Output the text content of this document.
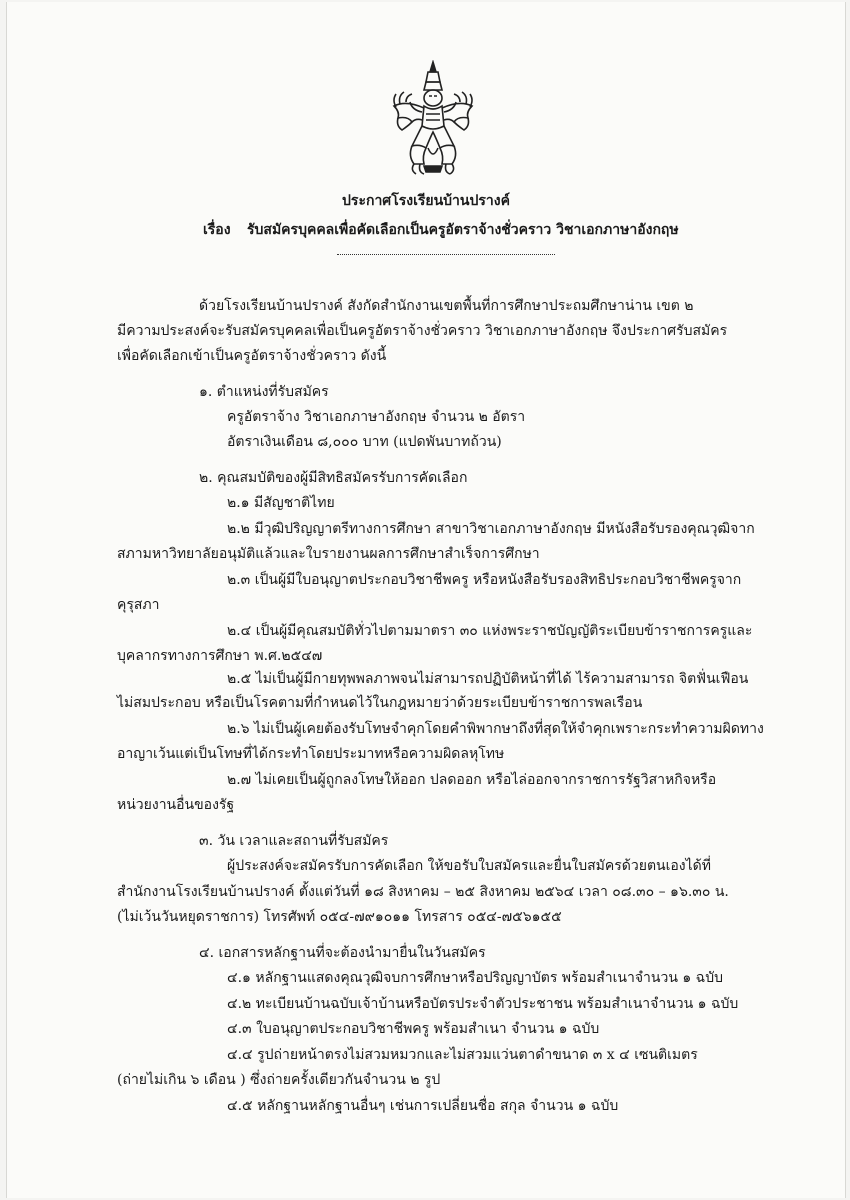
ประกาศโรงเรียนบ้านปรางค์
เรื่อง รับสมัครบุคคลเพื่อคัดเลือกเป็นครูอัตราจ้างชั่วคราว วิชาเอกภาษาอังกฤษ
ด้วยโรงเรียนบ้านปรางค์ สังกัดสำนักงานเขตพื้นที่การศึกษาประถมศึกษาน่าน เขต ๒
มีความประสงค์จะรับสมัครบุคคลเพื่อเป็นครูอัตราจ้างชั่วคราว วิชาเอกภาษาอังกฤษ จึงประกาศรับสมัคร
เพื่อคัดเลือกเข้าเป็นครูอัตราจ้างชั่วคราว ดังนี้
๑. ตำแหน่งที่รับสมัคร
ครูอัตราจ้าง วิชาเอกภาษาอังกฤษ จำนวน ๒ อัตรา
อัตราเงินเดือน ๘,๐๐๐ บาท (แปดพันบาทถ้วน)
๒. คุณสมบัติของผู้มีสิทธิสมัครรับการคัดเลือก
๒.๑ มีสัญชาติไทย
๒.๒ มีวุฒิปริญญาตรีทางการศึกษา สาขาวิชาเอกภาษาอังกฤษ มีหนังสือรับรองคุณวุฒิจาก
สภามหาวิทยาลัยอนุมัติแล้วและใบรายงานผลการศึกษาสำเร็จการศึกษา
๒.๓ เป็นผู้มีใบอนุญาตประกอบวิชาชีพครู หรือหนังสือรับรองสิทธิประกอบวิชาชีพครูจาก
คุรุสภา
๒.๔ เป็นผู้มีคุณสมบัติทั่วไปตามมาตรา ๓๐ แห่งพระราชบัญญัติระเบียบข้าราชการครูและ
บุคลากรทางการศึกษา พ.ศ.๒๕๔๗
๒.๕ ไม่เป็นผู้มีกายทุพพลภาพจนไม่สามารถปฏิบัติหน้าที่ได้ ไร้ความสามารถ จิตฟั่นเฟือน
ไม่สมประกอบ หรือเป็นโรคตามที่กำหนดไว้ในกฎหมายว่าด้วยระเบียบข้าราชการพลเรือน
๒.๖ ไม่เป็นผู้เคยต้องรับโทษจำคุกโดยคำพิพากษาถึงที่สุดให้จำคุกเพราะกระทำความผิดทาง
อาญาเว้นแต่เป็นโทษที่ได้กระทำโดยประมาทหรือความผิดลหุโทษ
๒.๗ ไม่เคยเป็นผู้ถูกลงโทษให้ออก ปลดออก หรือไล่ออกจากราชการรัฐวิสาหกิจหรือ
หน่วยงานอื่นของรัฐ
๓. วัน เวลาและสถานที่รับสมัคร
ผู้ประสงค์จะสมัครรับการคัดเลือก ให้ขอรับใบสมัครและยื่นใบสมัครด้วยตนเองได้ที่
สำนักงานโรงเรียนบ้านปรางค์ ตั้งแต่วันที่ ๑๘ สิงหาคม – ๒๕ สิงหาคม ๒๕๖๔ เวลา ๐๘.๓๐ – ๑๖.๓๐ น.
(ไม่เว้นวันหยุดราชการ) โทรศัพท์ ๐๕๔-๗๙๑๐๑๑ โทรสาร ๐๕๔-๗๕๖๑๕๕
๔. เอกสารหลักฐานที่จะต้องนำมายื่นในวันสมัคร
๔.๑ หลักฐานแสดงคุณวุฒิจบการศึกษาหรือปริญญาบัตร พร้อมสำเนาจำนวน ๑ ฉบับ
๔.๒ ทะเบียนบ้านฉบับเจ้าบ้านหรือบัตรประจำตัวประชาชน พร้อมสำเนาจำนวน ๑ ฉบับ
๔.๓ ใบอนุญาตประกอบวิชาชีพครู พร้อมสำเนา จำนวน ๑ ฉบับ
๔.๔ รูปถ่ายหน้าตรงไม่สวมหมวกและไม่สวมแว่นตาดำขนาด ๓ x ๔ เซนติเมตร
(ถ่ายไม่เกิน ๖ เดือน ) ซึ่งถ่ายครั้งเดียวกันจำนวน ๒ รูป
๔.๕ หลักฐานหลักฐานอื่นๆ เช่นการเปลี่ยนชื่อ สกุล จำนวน ๑ ฉบับ
